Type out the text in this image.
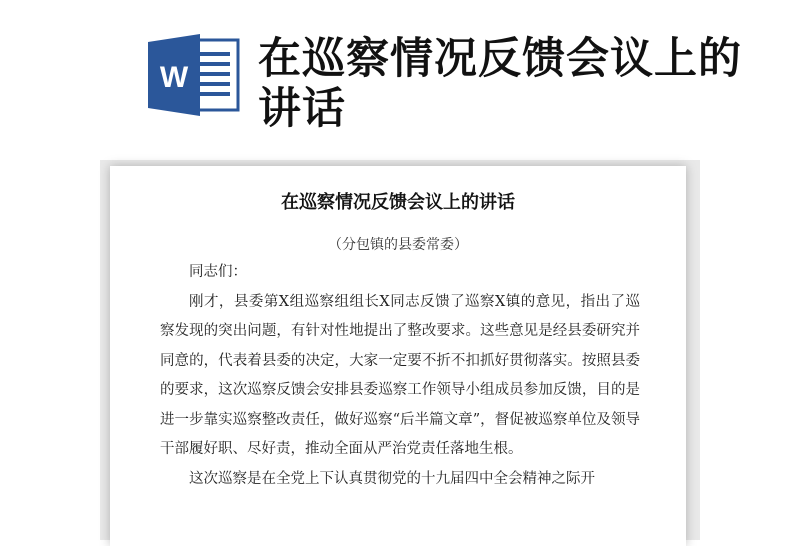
W 在巡察情况反馈会议上的讲话
在巡察情况反馈会议上的讲话
（分包镇的县委常委）

同志们：

刚才，县委第X组巡察组组长X同志反馈了巡察X镇的意见，指出了巡察发现的突出问题，有针对性地提出了整改要求。这些意见是经县委研究并同意的，代表着县委的决定，大家一定要不折不扣抓好贯彻落实。按照县委的要求，这次巡察反馈会安排县委巡察工作领导小组成员参加反馈，目的是进一步靠实巡察整改责任，做好巡察“后半篇文章”，督促被巡察单位及领导干部履好职、尽好责，推动全面从严治党责任落地生根。

这次巡察是在全党上下认真贯彻党的十九届四中全会精神之际开
